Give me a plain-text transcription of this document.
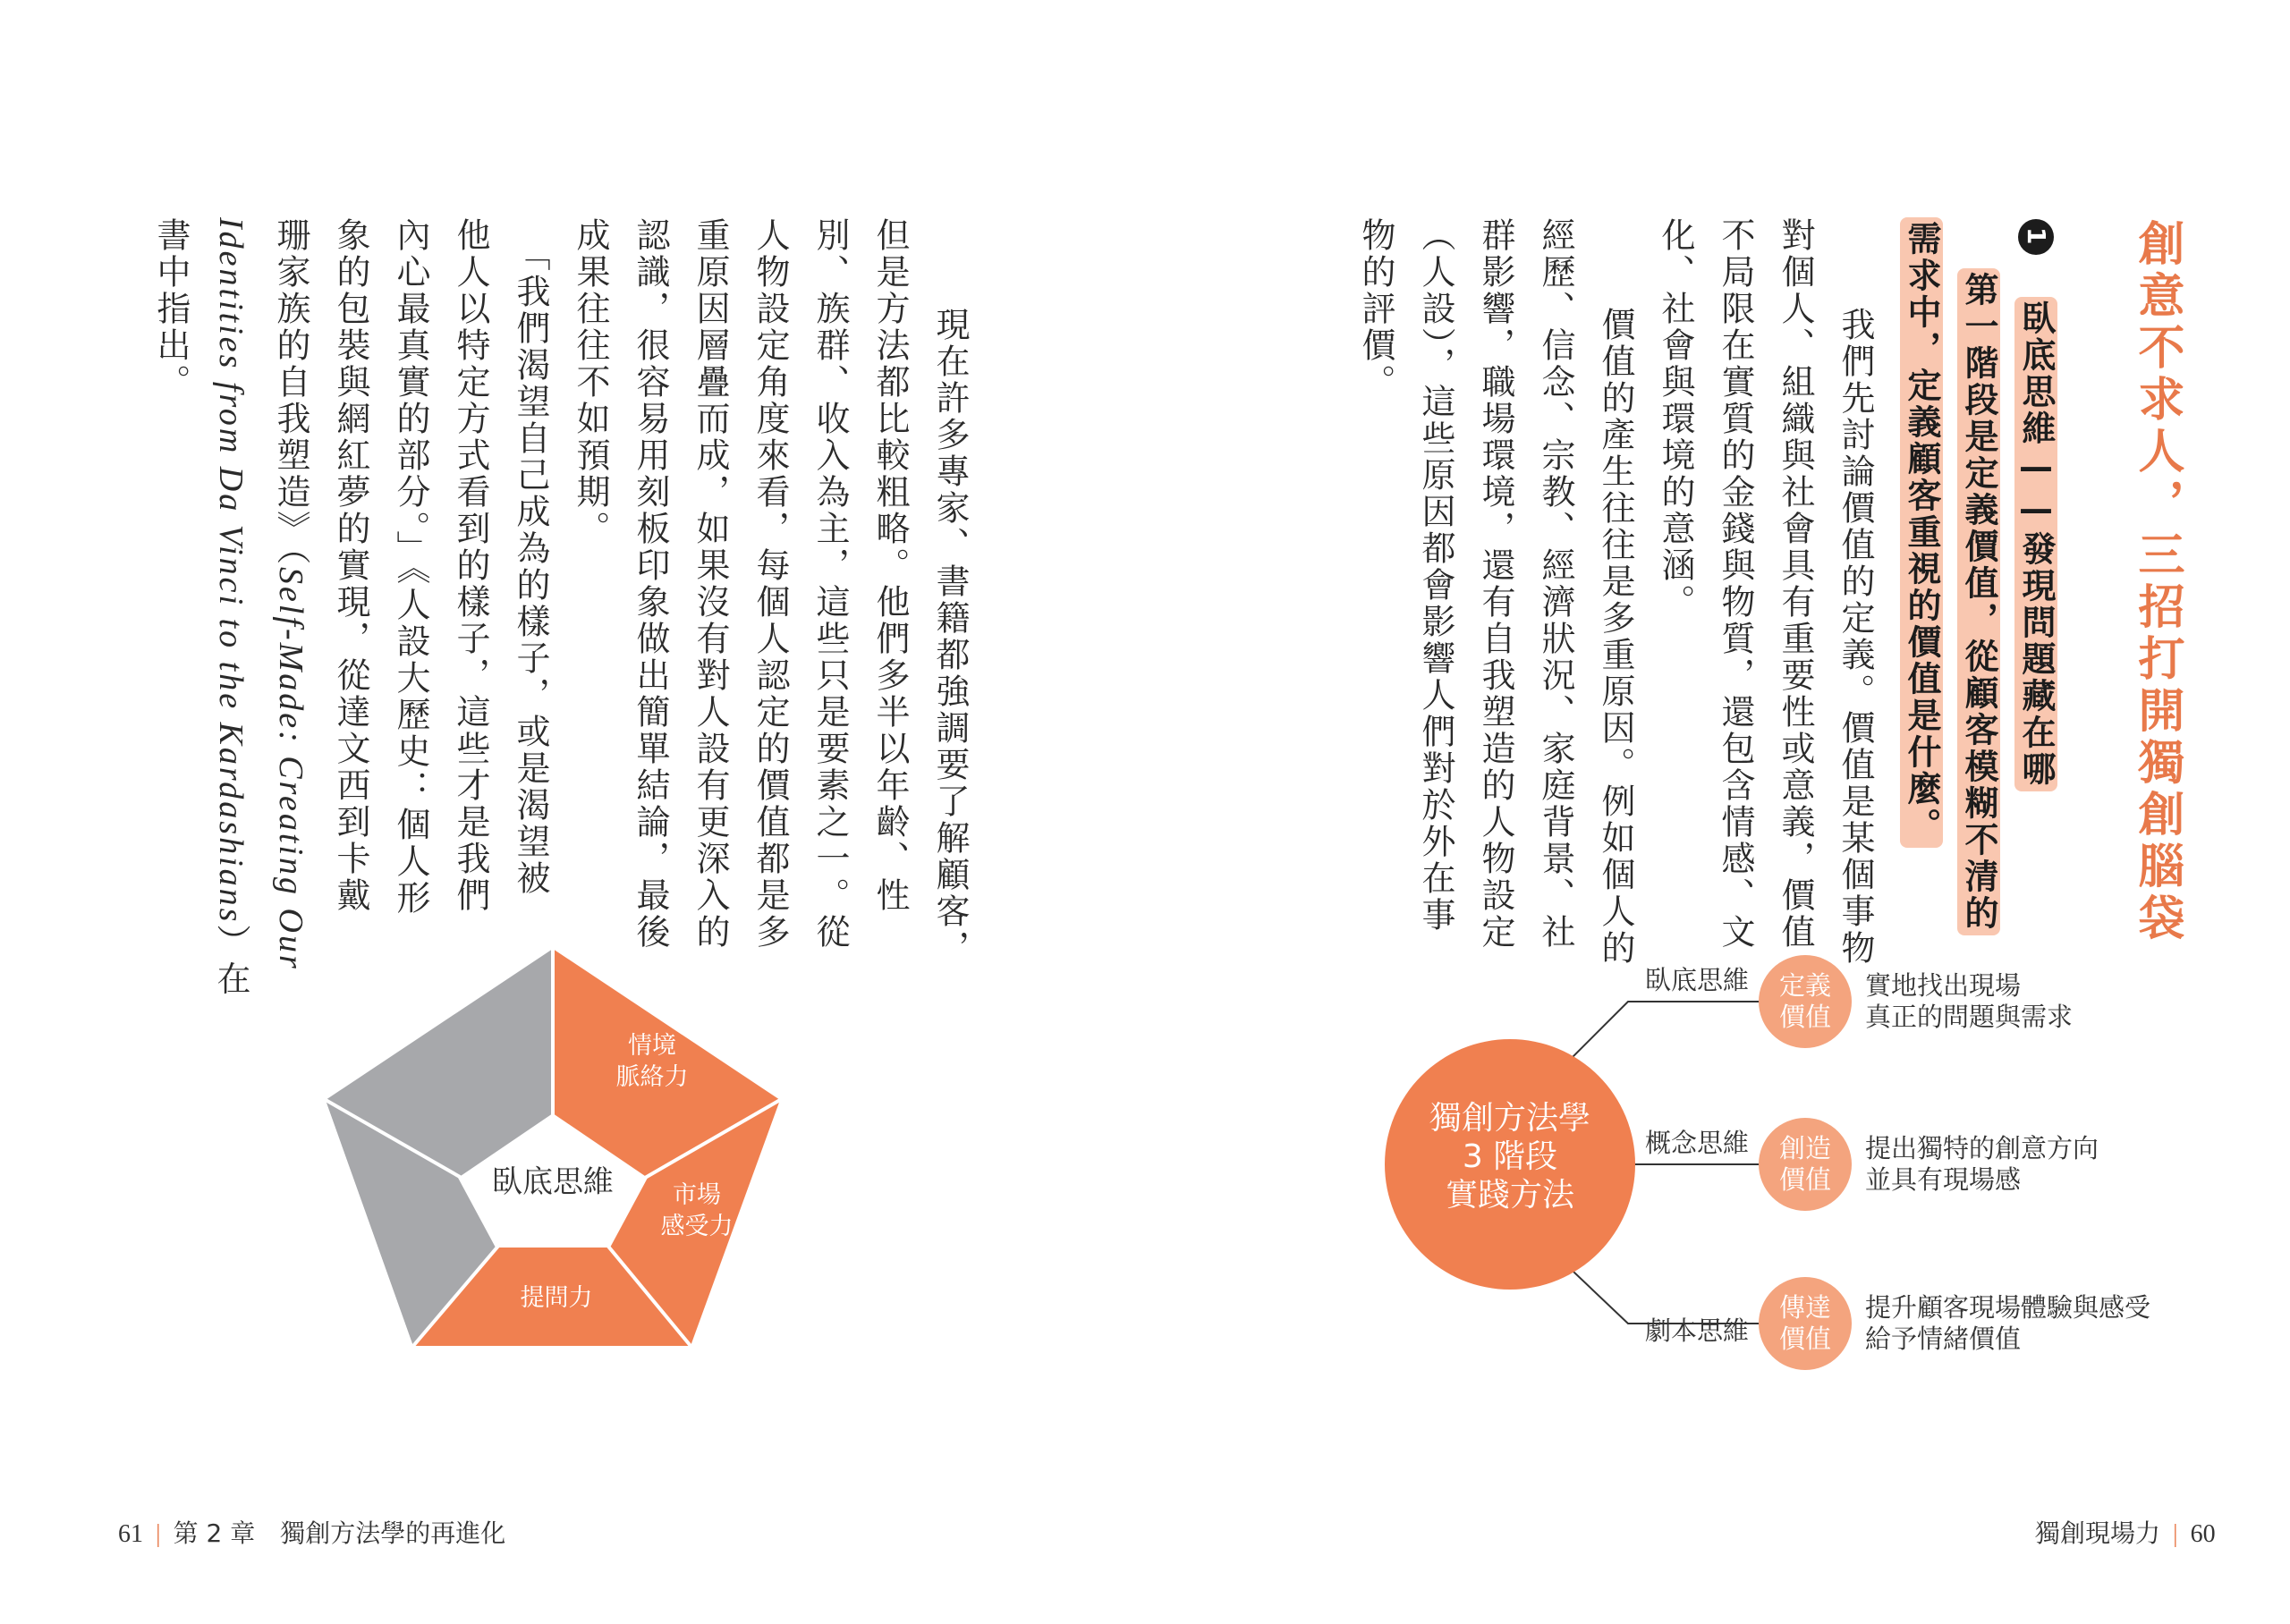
　現在許多專家、書籍都強調要了解顧客，
但是方法都比較粗略。他們多半以年齡、性
別、族群、收入為主，這些只是要素之一。從
人物設定角度來看，每個人認定的價值都是多
重原因層疊而成，如果沒有對人設有更深入的
認識，很容易用刻板印象做出簡單結論，最後
成果往往不如預期。
　「我們渴望自己成為的樣子，或是渴望被
他人以特定方式看到的樣子，這些才是我們
內心最真實的部分。」《人設大歷史：個人形
象的包裝與網紅夢的實現，從達文西到卡戴
珊家族的自我塑造》（Self-Made: Creating Our
Identities from Da Vinci to the Kardashians）在
書中指出。
臥底思維
情境
脈絡力
市場
感受力
提問力
61 | 第 2 章　獨創方法學的再進化
創意不求人，三招打開獨創腦袋
1 臥底思維——發現問題藏在哪
第一階段是定義價值，從顧客模糊不清的
需求中，定義顧客重視的價值是什麼。
　我們先討論價值的定義。價值是某個事物
對個人、組織與社會具有重要性或意義，價值
不局限在實質的金錢與物質，還包含情感、文
化、社會與環境的意涵。
　價值的產生往往是多重原因。例如個人的
經歷、信念、宗教、經濟狀況、家庭背景、社
群影響，職場環境，還有自我塑造的人物設定
（人設），這些原因都會影響人們對於外在事
物的評價。
獨創方法學
3 階段
實踐方法
臥底思維 定義
價值
實地找出現場
真正的問題與需求
概念思維 創造
價值
提出獨特的創意方向
並具有現場感
劇本思維
傳達
價值
提升顧客現場體驗與感受
給予情緒價值
獨創現場力 | 60
